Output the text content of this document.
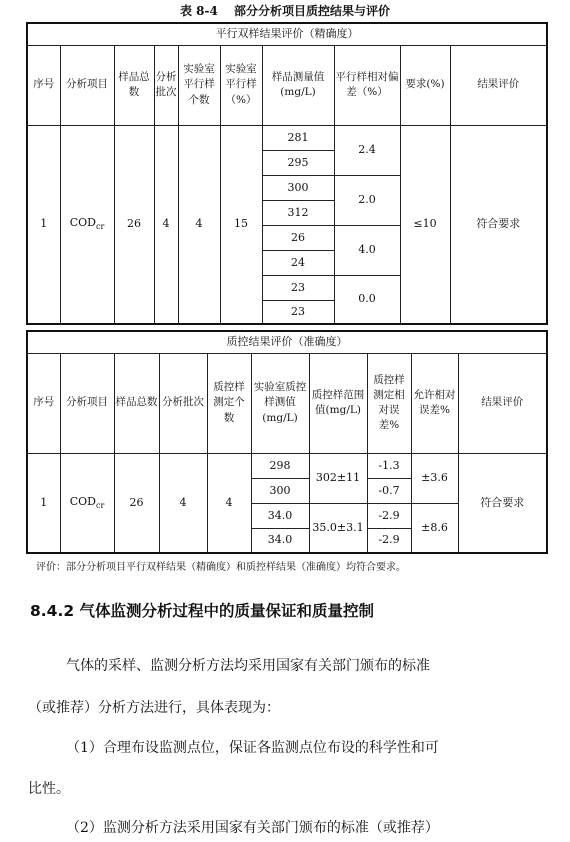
表 8-4　 部分分析项目质控结果与评价
平行双样结果评价（精确度）									
序号	分析项目	样品总数	分析批次	实验室平行样个数	实验室平行样（%）	样品测量值(mg/L)	平行样相对偏差（%）	要求(%)	结果评价
1	$COD_{cr}$	26	4	4	15	281	2.4	≤10	符合要求
						295			
						300	2.0		
						312			
						26	4.0		
						24			
						23	0.0		
						23			
质控结果评价（准确度）									
序号	分析项目	样品总数	分析批次	质控样测定个数	实验室质控样测值(mg/L)	质控样范围值(mg/L)	质控样测定相对误差%	允许相对误差%	结果评价
1	$COD_{cr}$	26	4	4	298	302±11	-1.3	±3.6	符合要求
					300		-0.7		
					34.0	35.0±3.1	-2.9	±8.6	
					34.0		-2.9		
评价：部分分析项目平行双样结果（精确度）和质控样结果（准确度）均符合要求。
8.4.2 气体监测分析过程中的质量保证和质量控制
气体的采样、监测分析方法均采用国家有关部门颁布的标准
（或推荐）分析方法进行，具体表现为：
（1）合理布设监测点位，保证各监测点位布设的科学性和可
比性。
（2）监测分析方法采用国家有关部门颁布的标准（或推荐）
